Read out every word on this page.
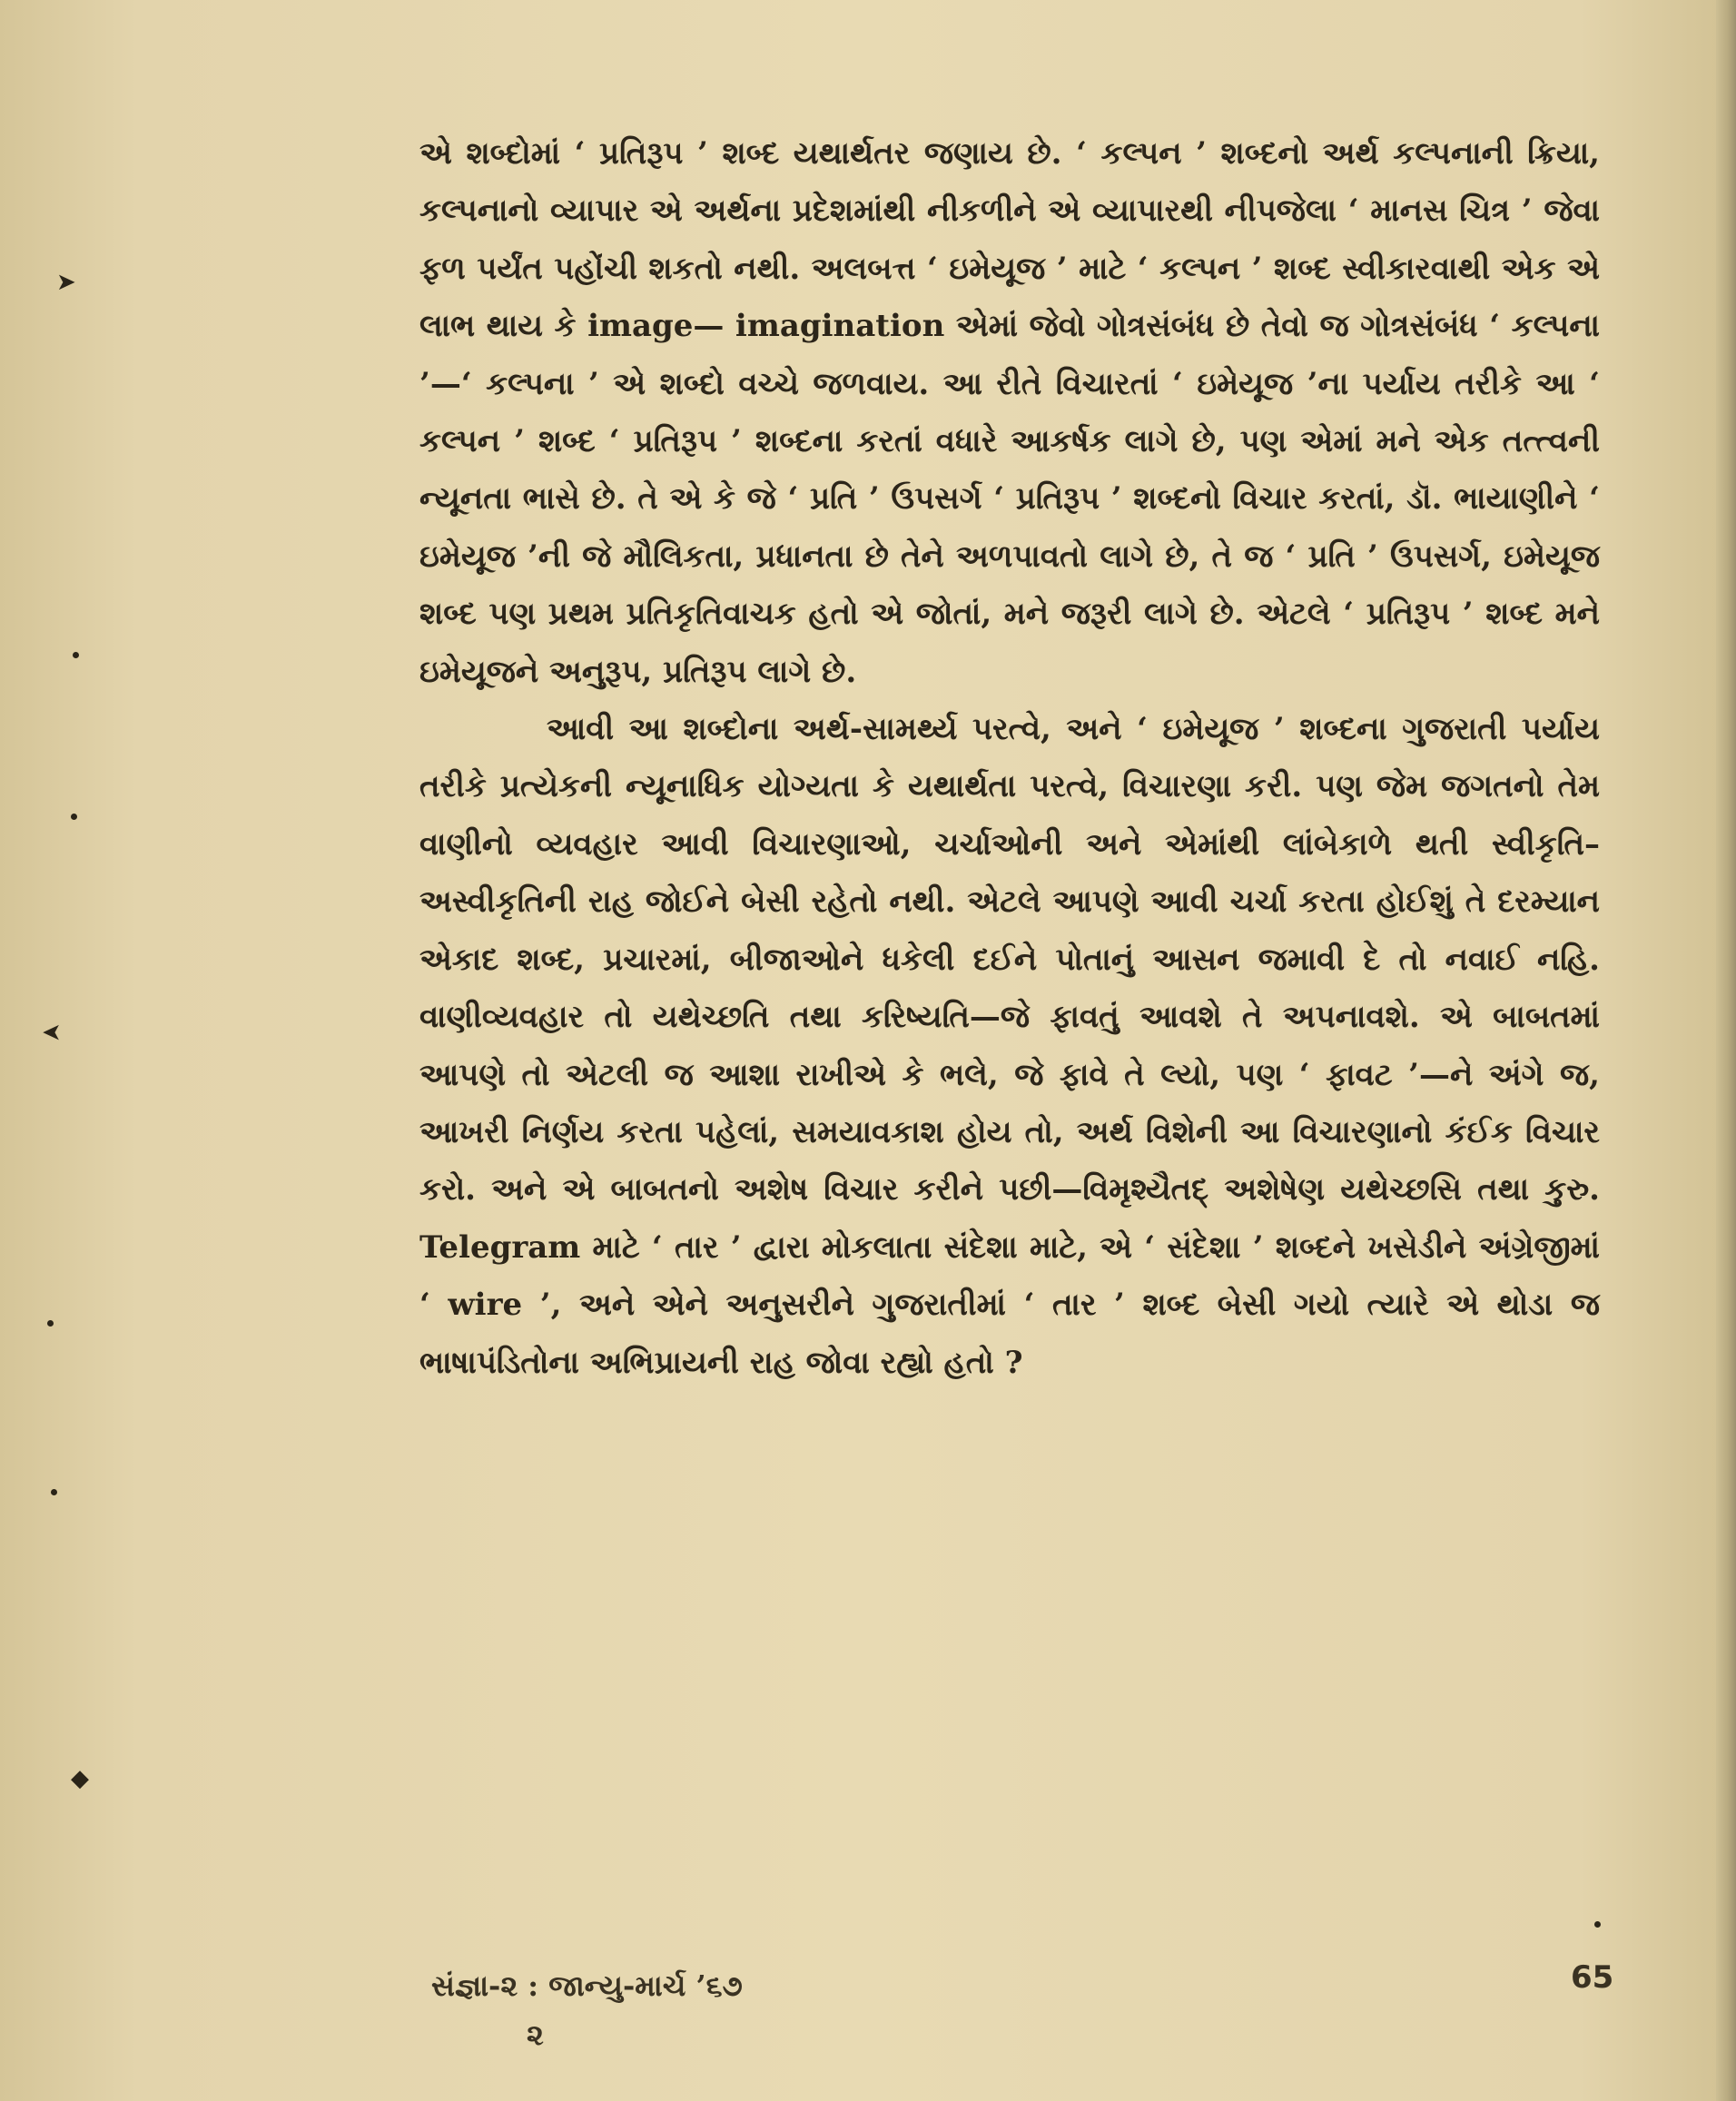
➤
➤
◆

એ શબ્દોમાં ‘ પ્રતિરૂપ ’ શબ્દ યથાર્થતર જણાય છે. ‘ કલ્પન ’ શબ્દનો અર્થ કલ્પનાની ક્રિયા, કલ્પનાનો વ્યાપાર એ અર્થના પ્રદેશમાંથી નીકળીને એ વ્યાપારથી નીપજેલા ‘ માનસ ચિત્ર ’ જેવા ફળ પર્યંત પહોંચી શકતો નથી. અલબત્ત ‘ ઇમેયૂજ ’ માટે ‘ કલ્પન ’ શબ્દ સ્વીકારવાથી એક એ લાભ થાય કે image— imagination એમાં જેવો ગોત્રસંબંધ છે તેવો જ ગોત્રસંબંધ ‘ કલ્પના ’—‘ કલ્પના ’ એ શબ્દો વચ્ચે જળવાય. આ રીતે વિચારતાં ‘ ઇમેયૂજ ’ના પર્યાય તરીકે આ ‘ કલ્પન ’ શબ્દ ‘ પ્રતિરૂપ ’ શબ્દના કરતાં વધારે આકર્ષક લાગે છે, પણ એમાં મને એક તત્ત્વની ન્યૂનતા ભાસે છે. તે એ કે જે ‘ પ્રતિ ’ ઉપસર્ગ ‘ પ્રતિરૂપ ’ શબ્દનો વિચાર કરતાં, ડૉ. ભાયાણીને ‘ ઇમેયૂજ ’ની જે મૌલિકતા, પ્રધાનતા છે તેને અળપાવતો લાગે છે, તે જ ‘ પ્રતિ ’ ઉપસર્ગ, ઇમેયૂજ શબ્દ પણ પ્રથમ પ્રતિકૃતિવાચક હતો એ જોતાં, મને જરૂરી લાગે છે. એટલે ‘ પ્રતિરૂપ ’ શબ્દ મને ઇમેયૂજને અનુરૂપ, પ્રતિરૂપ લાગે છે.

આવી આ શબ્દોના અર્થ-સામર્થ્ય પરત્વે, અને ‘ ઇમેયૂજ ’ શબ્દના ગુજરાતી પર્યાય તરીકે પ્રત્યેકની ન્યૂનાધિક યોગ્યતા કે યથાર્થતા પરત્વે, વિચારણા કરી. પણ જેમ જગતનો તેમ વાણીનો વ્યવહાર આવી વિચારણાઓ, ચર્ચાઓની અને એમાંથી લાંબેકાળે થતી સ્વીકૃતિ–અસ્વીકૃતિની રાહ જોઈને બેસી રહેતો નથી. એટલે આપણે આવી ચર્ચા કરતા હોઈશું તે દરમ્યાન એકાદ શબ્દ, પ્રચારમાં, બીજાઓને ધકેલી દઈને પોતાનું આસન જમાવી દે તો નવાઈ નહિ. વાણીવ્યવહાર તો યથેચ્છતિ તથા કરિષ્યતિ—જે ફાવતું આવશે તે અપનાવશે. એ બાબતમાં આપણે તો એટલી જ આશા રાખીએ કે ભલે, જે ફાવે તે લ્યો, પણ ‘ ફાવટ ’—ને અંગે જ, આખરી નિર્ણય કરતા પહેલાં, સમયાવકાશ હોય તો, અર્થ વિશેની આ વિચારણાનો કંઈક વિચાર કરો. અને એ બાબતનો અશેષ વિચાર કરીને પછી—વિમૃશ્યૈતદ્ અશેષેણ યથેચ્છસિ તથા કુરુ. Telegram માટે ‘ તાર ’ દ્વારા મોકલાતા સંદેશા માટે, એ ‘ સંદેશા ’ શબ્દને ખસેડીને અંગ્રેજીમાં ‘ wire ’, અને એને અનુસરીને ગુજરાતીમાં ‘ તાર ’ શબ્દ બેસી ગયો ત્યારે એ થોડા જ ભાષાપંડિતોના અભિપ્રાયની રાહ જોવા રહ્યો હતો ?

સંજ્ઞા-૨ : જાન્યુ-માર્ચ ’૬૭
૨
65
